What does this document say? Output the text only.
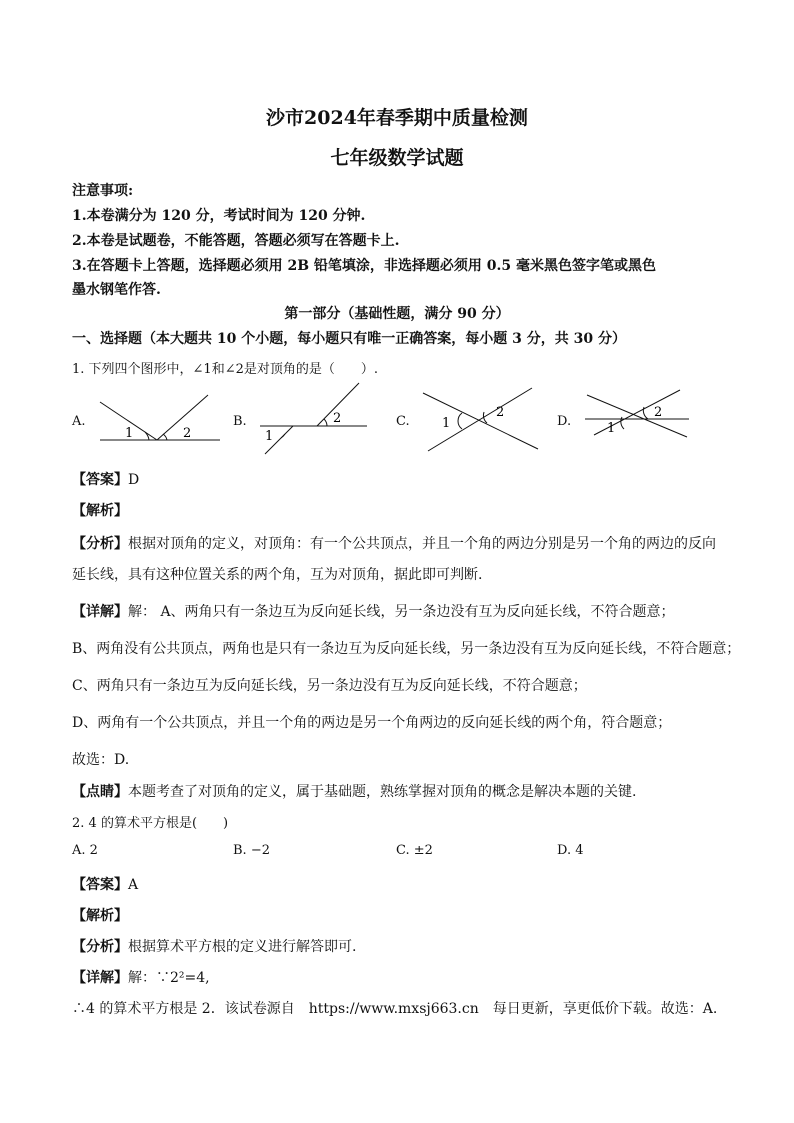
沙市2024年春季期中质量检测
七年级数学试题
注意事项:
1.本卷满分为 120 分，考试时间为 120 分钟.
2.本卷是试题卷，不能答题，答题必须写在答题卡上.
3.在答题卡上答题，选择题必须用 2B 铅笔填涂，非选择题必须用 0.5 毫米黑色签字笔或黑色
墨水钢笔作答.
第一部分（基础性题，满分 90 分）
一、选择题（本大题共 10 个小题，每小题只有唯一正确答案，每小题 3 分，共 30 分）
1. 下列四个图形中，∠1和∠2是对顶角的是（　　）.
A.	B.	C.	D.
1	2
2
1
1
2
1
2
【答案】D
【解析】
【分析】根据对顶角的定义，对顶角：有一个公共顶点，并且一个角的两边分别是另一个角的两边的反向
延长线，具有这种位置关系的两个角，互为对顶角，据此即可判断.
【详解】解： A、两角只有一条边互为反向延长线，另一条边没有互为反向延长线，不符合题意；
B、两角没有公共顶点，两角也是只有一条边互为反向延长线，另一条边没有互为反向延长线，不符合题意；
C、两角只有一条边互为反向延长线，另一条边没有互为反向延长线，不符合题意；
D、两角有一个公共顶点，并且一个角的两边是另一个角两边的反向延长线的两个角，符合题意；
故选：D.
【点睛】本题考查了对顶角的定义，属于基础题，熟练掌握对顶角的概念是解决本题的关键.
2. 4 的算术平方根是(　　)
A. 2	B. −2	C. ±2	D. 4
【答案】A
【解析】
【分析】根据算术平方根的定义进行解答即可.
【详解】解：∵2²=4,
∴4 的算术平方根是 2．该试卷源自　https://www.mxsj663.cn　每日更新，享更低价下载。故选：A.
